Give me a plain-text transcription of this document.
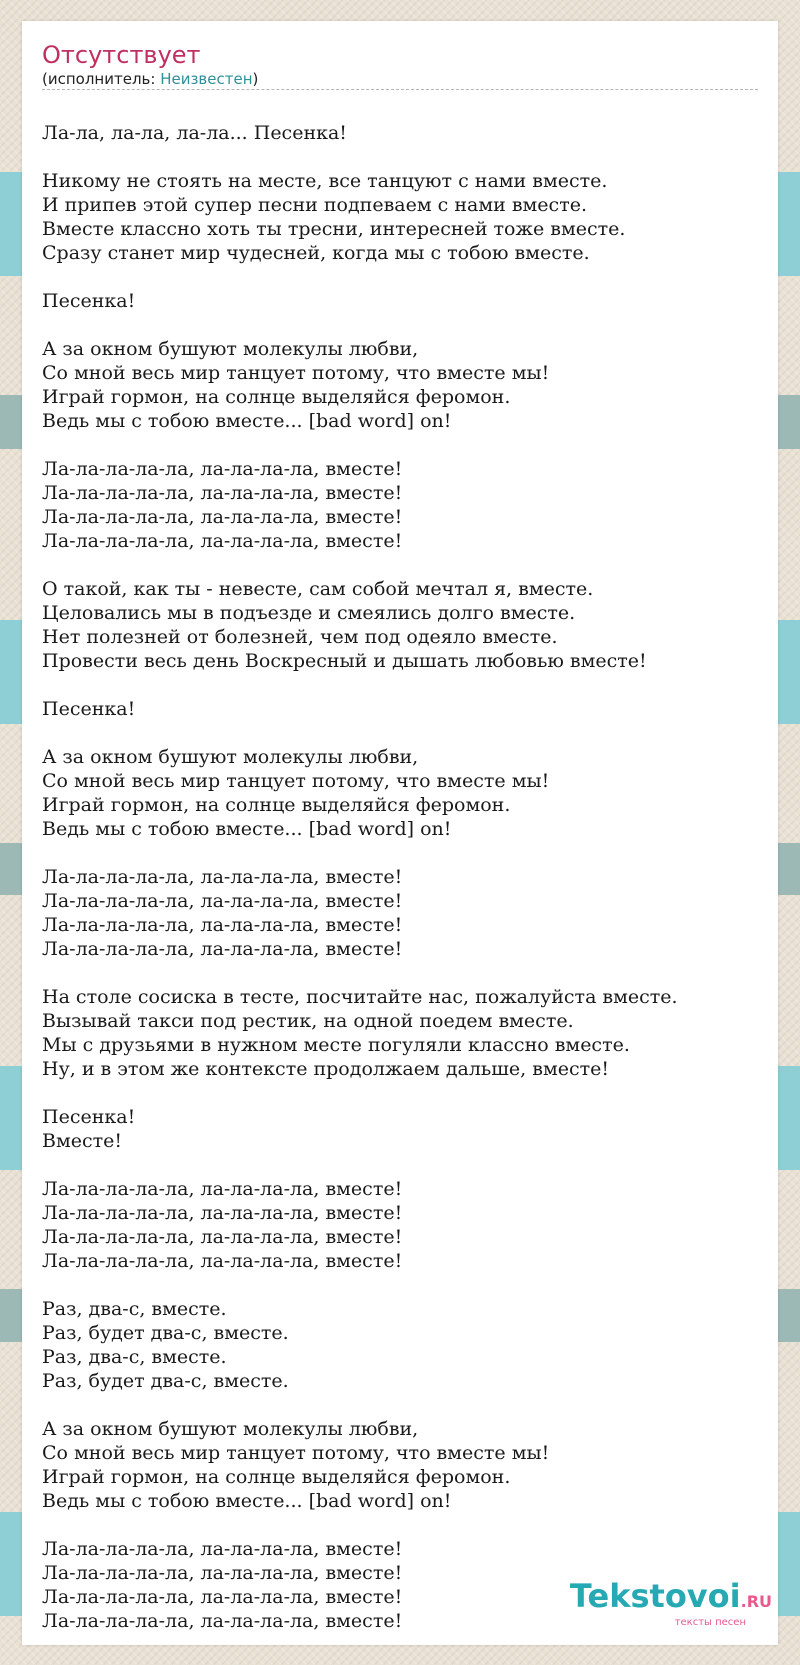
Отсутствует
(исполнитель: Неизвестен)
Ла-ла, ла-ла, ла-ла... Песенка!
Никому не стоять на месте, все танцуют с нами вместе.
И припев этой супер песни подпеваем с нами вместе.
Вместе классно хоть ты тресни, интересней тоже вместе.
Сразу станет мир чудесней, когда мы с тобою вместе.
Песенка!
А за окном бушуют молекулы любви,
Со мной весь мир танцует потому, что вместе мы!
Играй гормон, на солнце выделяйся феромон.
Ведь мы с тобою вместе... [bad word] on!
Ла-ла-ла-ла-ла, ла-ла-ла-ла, вместе!
Ла-ла-ла-ла-ла, ла-ла-ла-ла, вместе!
Ла-ла-ла-ла-ла, ла-ла-ла-ла, вместе!
Ла-ла-ла-ла-ла, ла-ла-ла-ла, вместе!
О такой, как ты - невесте, сам собой мечтал я, вместе.
Целовались мы в подъезде и смеялись долго вместе.
Нет полезней от болезней, чем под одеяло вместе.
Провести весь день Воскресный и дышать любовью вместе!
Песенка!
А за окном бушуют молекулы любви,
Со мной весь мир танцует потому, что вместе мы!
Играй гормон, на солнце выделяйся феромон.
Ведь мы с тобою вместе... [bad word] on!
Ла-ла-ла-ла-ла, ла-ла-ла-ла, вместе!
Ла-ла-ла-ла-ла, ла-ла-ла-ла, вместе!
Ла-ла-ла-ла-ла, ла-ла-ла-ла, вместе!
Ла-ла-ла-ла-ла, ла-ла-ла-ла, вместе!
На столе сосиска в тесте, посчитайте нас, пожалуйста вместе.
Вызывай такси под рестик, на одной поедем вместе.
Мы с друзьями в нужном месте погуляли классно вместе.
Ну, и в этом же контексте продолжаем дальше, вместе!
Песенка!
Вместе!
Ла-ла-ла-ла-ла, ла-ла-ла-ла, вместе!
Ла-ла-ла-ла-ла, ла-ла-ла-ла, вместе!
Ла-ла-ла-ла-ла, ла-ла-ла-ла, вместе!
Ла-ла-ла-ла-ла, ла-ла-ла-ла, вместе!
Раз, два-с, вместе.
Раз, будет два-с, вместе.
Раз, два-с, вместе.
Раз, будет два-с, вместе.
А за окном бушуют молекулы любви,
Со мной весь мир танцует потому, что вместе мы!
Играй гормон, на солнце выделяйся феромон.
Ведь мы с тобою вместе... [bad word] on!
Ла-ла-ла-ла-ла, ла-ла-ла-ла, вместе!
Ла-ла-ла-ла-ла, ла-ла-ла-ла, вместе!
Ла-ла-ла-ла-ла, ла-ла-ла-ла, вместе!
Ла-ла-ла-ла-ла, ла-ла-ла-ла, вместе!
Tekstovoi.RU
тексты песен
